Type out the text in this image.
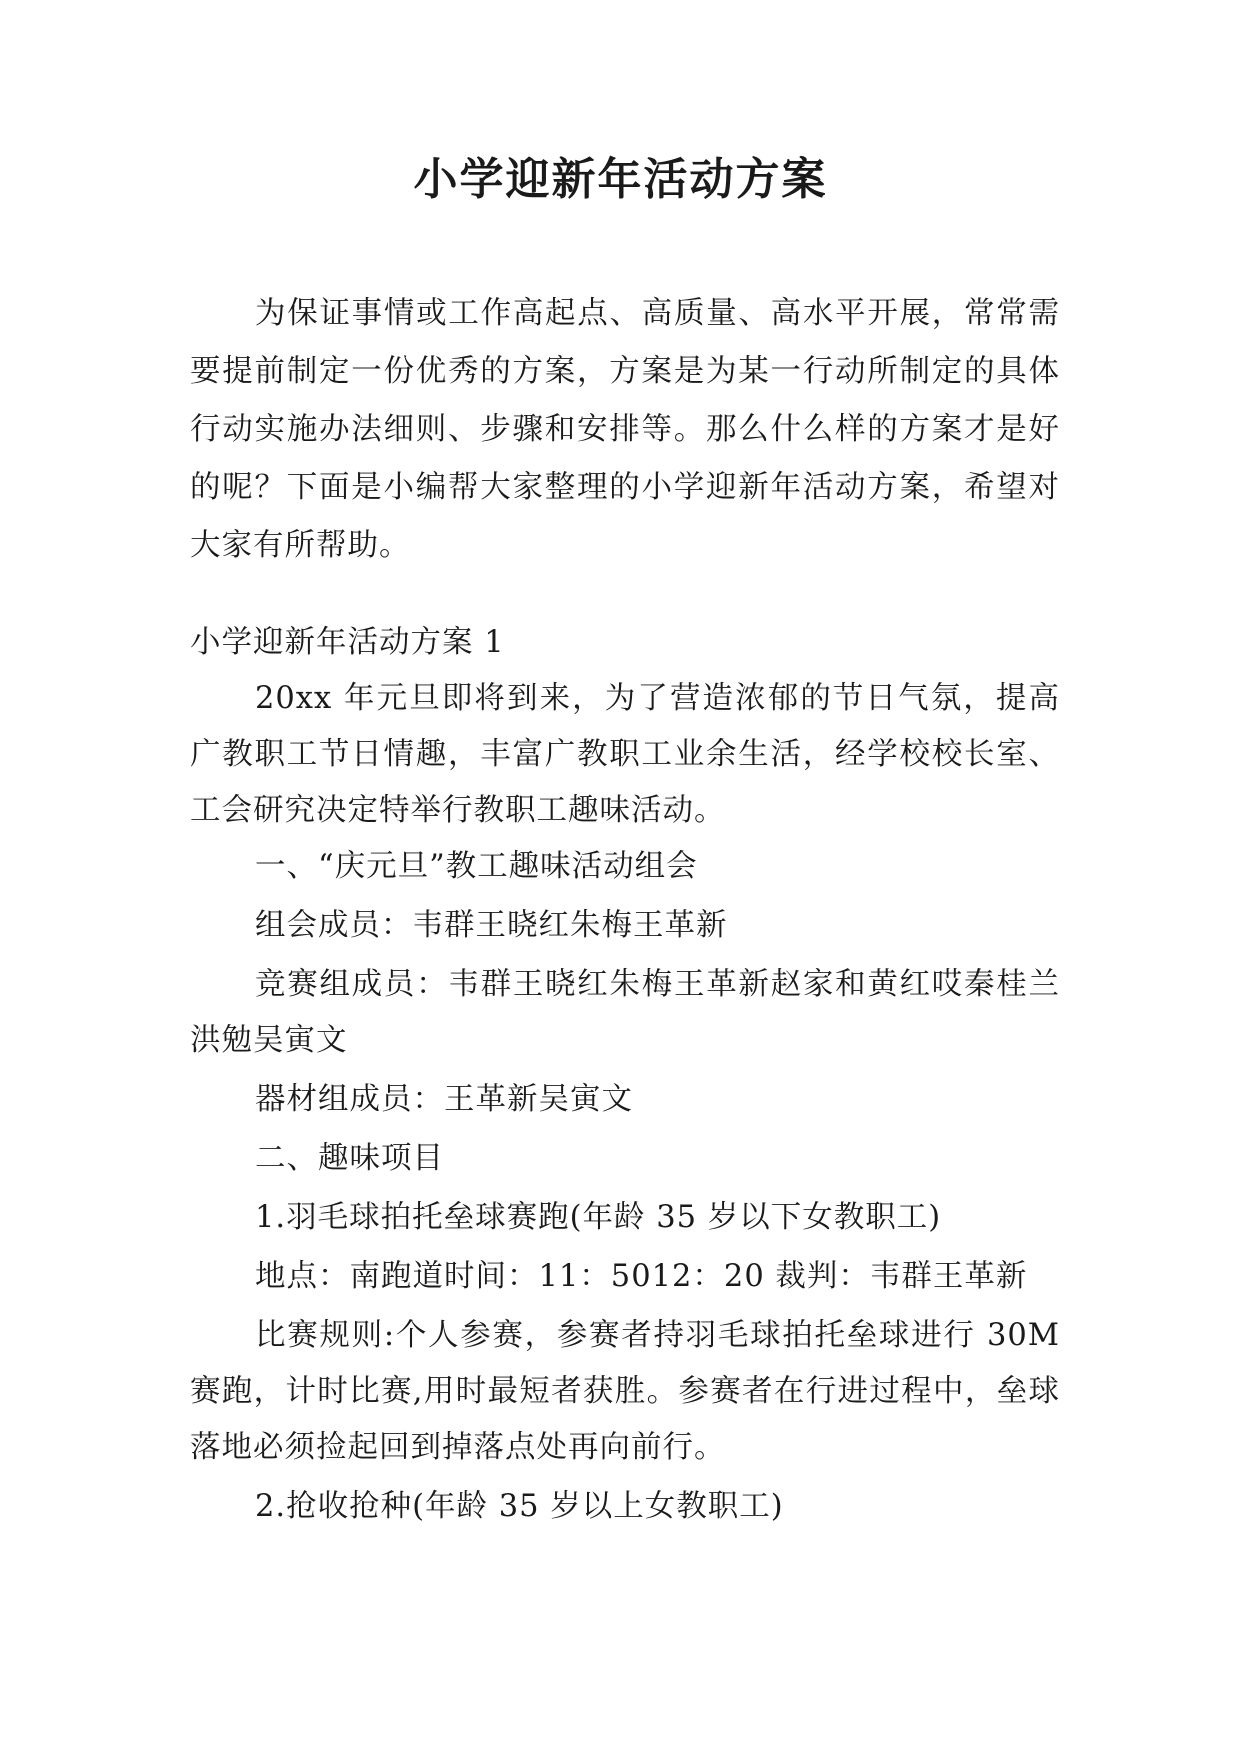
小学迎新年活动方案

为保证事情或工作高起点、高质量、高水平开展，常常需要提前制定一份优秀的方案，方案是为某一行动所制定的具体行动实施办法细则、步骤和安排等。那么什么样的方案才是好的呢？下面是小编帮大家整理的小学迎新年活动方案，希望对大家有所帮助。

小学迎新年活动方案 1

20xx 年元旦即将到来，为了营造浓郁的节日气氛，提高广教职工节日情趣，丰富广教职工业余生活，经学校校长室、工会研究决定特举行教职工趣味活动。

一、“庆元旦”教工趣味活动组会

组会成员：韦群王晓红朱梅王革新

竞赛组成员：韦群王晓红朱梅王革新赵家和黄红哎秦桂兰洪勉吴寅文

器材组成员：王革新吴寅文

二、趣味项目

1.羽毛球拍托垒球赛跑(年龄 35 岁以下女教职工)

地点：南跑道时间：11：5012：20 裁判：韦群王革新

比赛规则:个人参赛，参赛者持羽毛球拍托垒球进行 30M 赛跑，计时比赛,用时最短者获胜。参赛者在行进过程中，垒球落地必须捡起回到掉落点处再向前行。

2.抢收抢种(年龄 35 岁以上女教职工)
